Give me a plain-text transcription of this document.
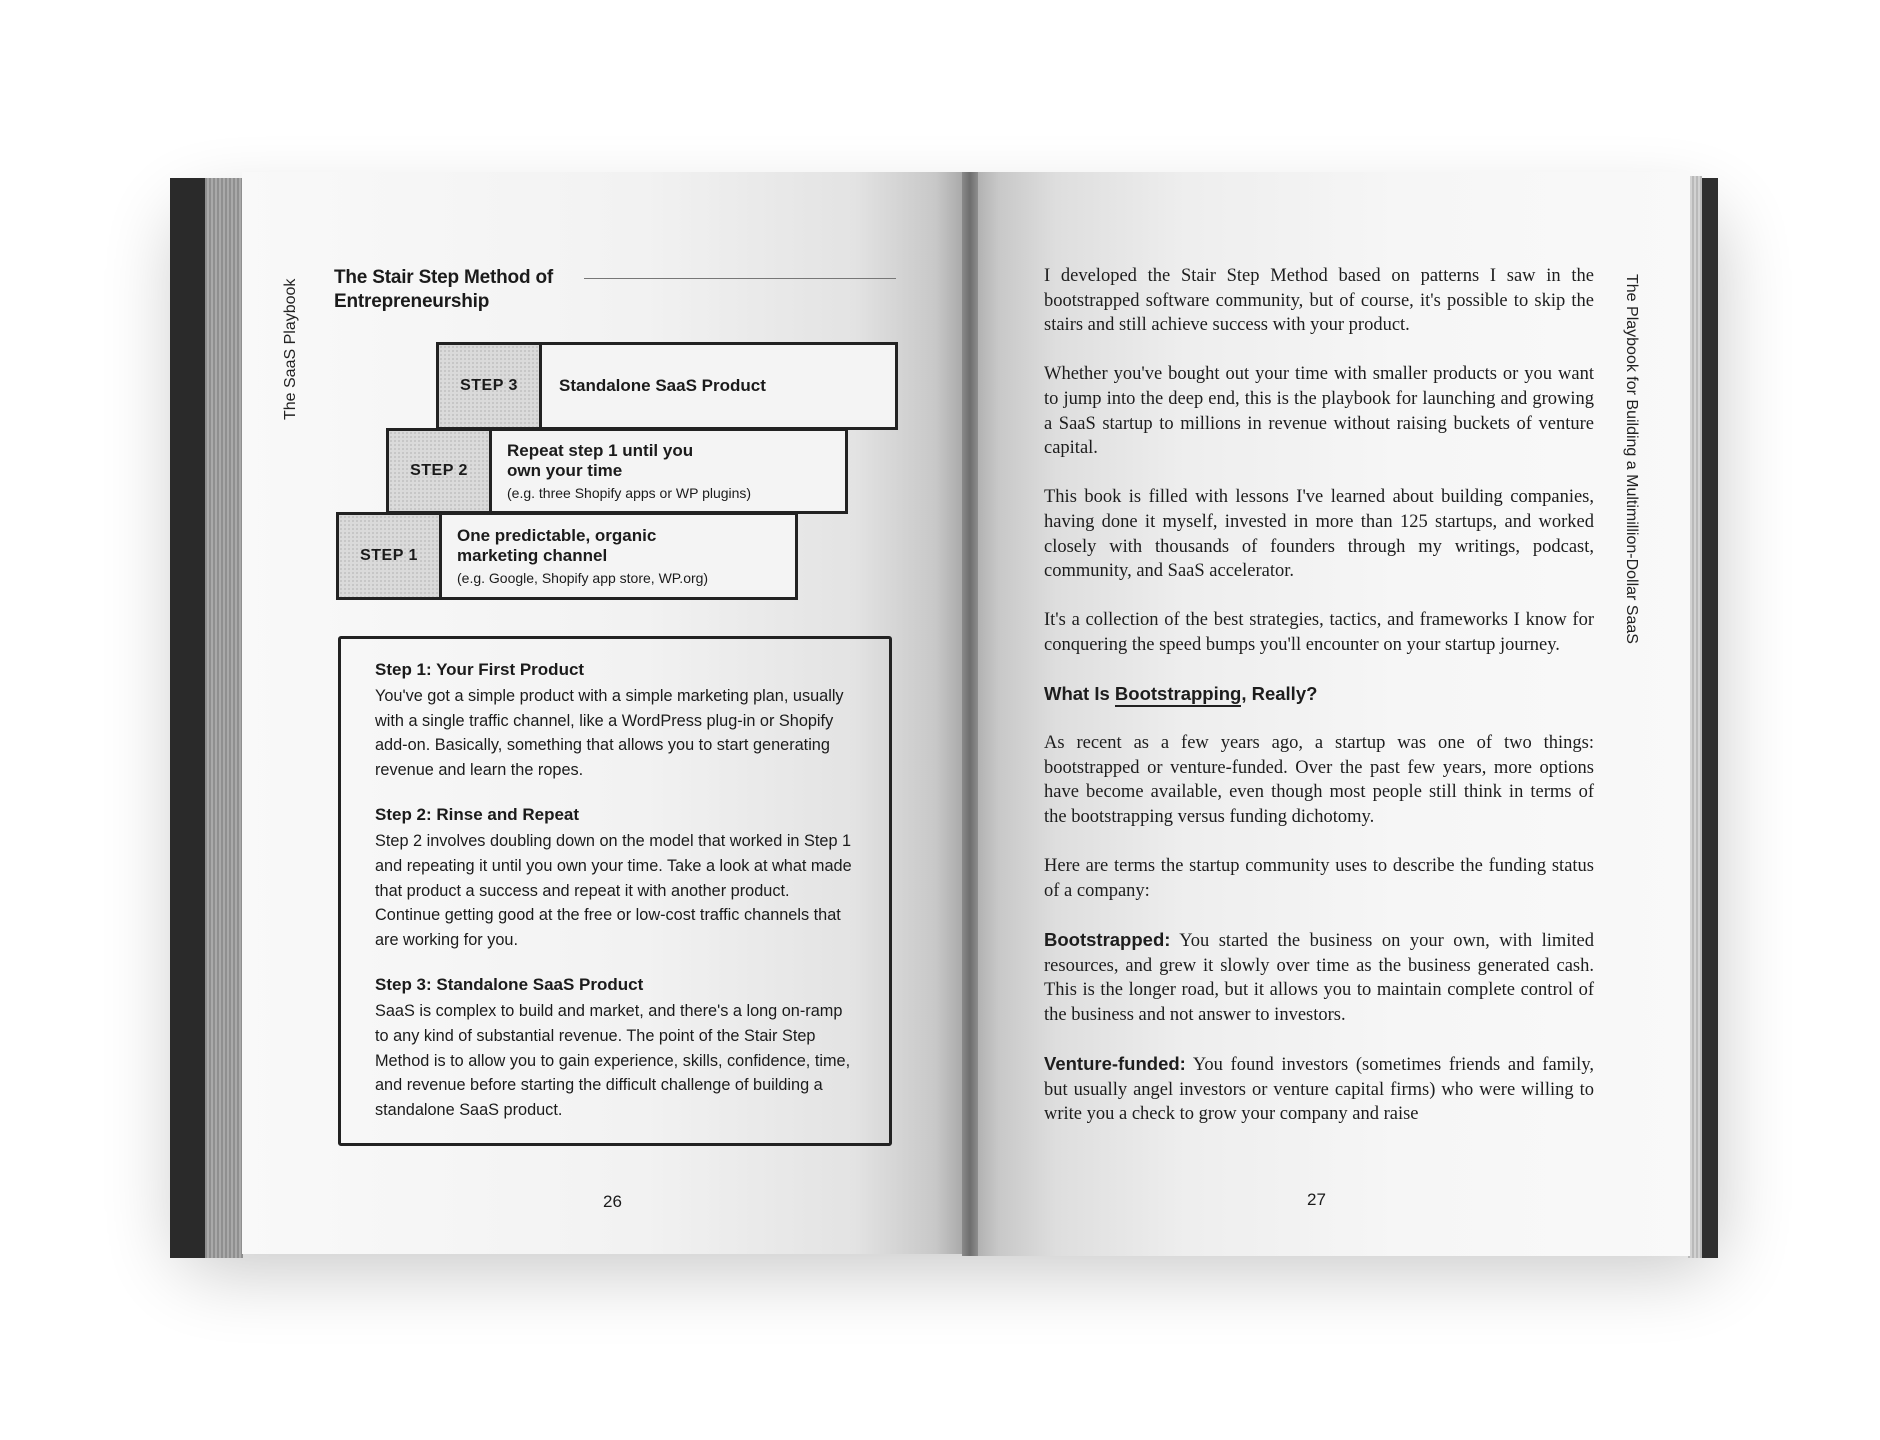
The SaaS Playbook
The Stair Step Method of
Entrepreneurship
STEP 3	Standalone SaaS Product
STEP 2
Repeat step 1 until you
own your time
(e.g. three Shopify apps or WP plugins)
STEP 1
One predictable, organic
marketing channel
(e.g. Google, Shopify app store, WP.org)
Step 1: Your First Product
You've got a simple product with a simple marketing plan, usually with a single traffic channel, like a WordPress plug-in or Shopify add-on. Basically, something that allows you to start generating revenue and learn the ropes.
Step 2: Rinse and Repeat
Step 2 involves doubling down on the model that worked in Step 1 and repeating it until you own your time. Take a look at what made that product a success and repeat it with another product. Continue getting good at the free or low-cost traffic channels that are working for you.
Step 3: Standalone SaaS Product
SaaS is complex to build and market, and there's a long on-ramp to any kind of substantial revenue. The point of the Stair Step Method is to allow you to gain experience, skills, confidence, time, and revenue before starting the difficult challenge of building a standalone SaaS product.
26
The Playbook for Building a Multimillion-Dollar SaaS

I developed the Stair Step Method based on patterns I saw in the bootstrapped software community, but of course, it's possible to skip the stairs and still achieve success with your product.

Whether you've bought out your time with smaller products or you want to jump into the deep end, this is the playbook for launching and growing a SaaS startup to millions in revenue without raising buckets of venture capital.

This book is filled with lessons I've learned about building companies, having done it myself, invested in more than 125 startups, and worked closely with thousands of founders through my writings, podcast, community, and SaaS accelerator.

It's a collection of the best strategies, tactics, and frameworks I know for conquering the speed bumps you'll encounter on your startup journey.

What Is Bootstrapping, Really?

As recent as a few years ago, a startup was one of two things: bootstrapped or venture-funded. Over the past few years, more options have become available, even though most people still think in terms of the bootstrapping versus funding dichotomy.

Here are terms the startup community uses to describe the funding status of a company:

Bootstrapped: You started the business on your own, with limited resources, and grew it slowly over time as the business generated cash. This is the longer road, but it allows you to maintain complete control of the business and not answer to investors.

Venture-funded: You found investors (sometimes friends and family, but usually angel investors or venture capital firms) who were willing to write you a check to grow your company and raise

27
